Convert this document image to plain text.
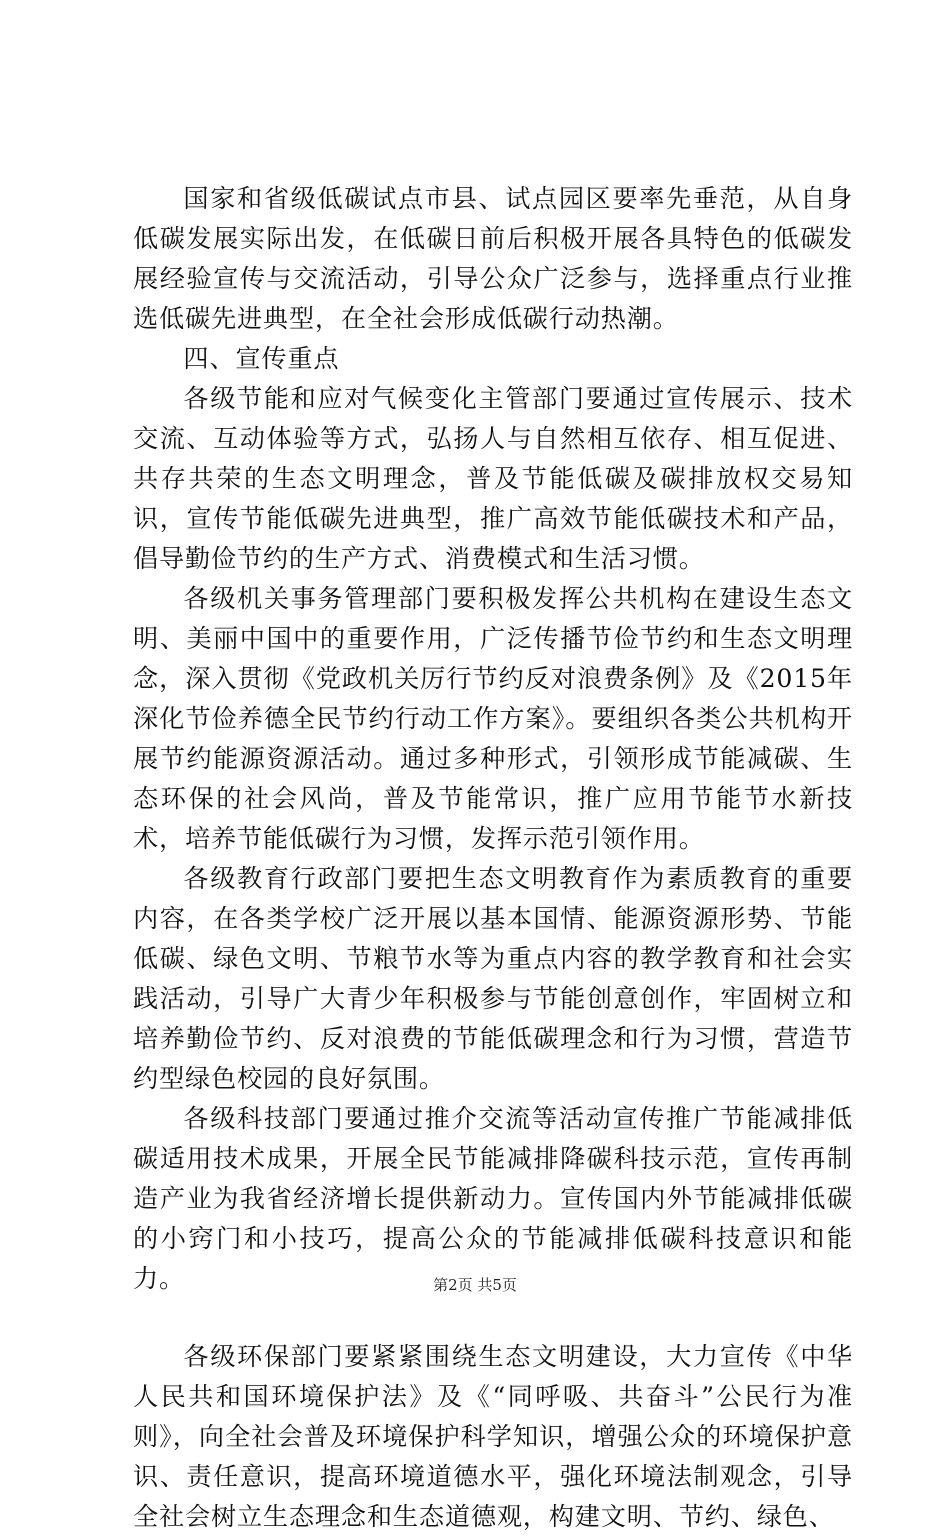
国家和省级低碳试点市县、试点园区要率先垂范，从自身低碳发展实际出发，在低碳日前后积极开展各具特色的低碳发展经验宣传与交流活动，引导公众广泛参与，选择重点行业推选低碳先进典型，在全社会形成低碳行动热潮。

四、宣传重点

各级节能和应对气候变化主管部门要通过宣传展示、技术交流、互动体验等方式，弘扬人与自然相互依存、相互促进、共存共荣的生态文明理念，普及节能低碳及碳排放权交易知识，宣传节能低碳先进典型，推广高效节能低碳技术和产品，倡导勤俭节约的生产方式、消费模式和生活习惯。

各级机关事务管理部门要积极发挥公共机构在建设生态文明、美丽中国中的重要作用，广泛传播节俭节约和生态文明理念，深入贯彻《党政机关厉行节约反对浪费条例》及《2015年深化节俭养德全民节约行动工作方案》。要组织各类公共机构开展节约能源资源活动。通过多种形式，引领形成节能减碳、生态环保的社会风尚，普及节能常识，推广应用节能节水新技术，培养节能低碳行为习惯，发挥示范引领作用。

各级教育行政部门要把生态文明教育作为素质教育的重要内容，在各类学校广泛开展以基本国情、能源资源形势、节能低碳、绿色文明、节粮节水等为重点内容的教学教育和社会实践活动，引导广大青少年积极参与节能创意创作，牢固树立和培养勤俭节约、反对浪费的节能低碳理念和行为习惯，营造节约型绿色校园的良好氛围。

各级科技部门要通过推介交流等活动宣传推广节能减排低碳适用技术成果，开展全民节能减排降碳科技示范，宣传再制造产业为我省经济增长提供新动力。宣传国内外节能减排低碳的小窍门和小技巧，提高公众的节能减排低碳科技意识和能力。

各级环保部门要紧紧围绕生态文明建设，大力宣传《中华人民共和国环境保护法》及《“同呼吸、共奋斗”公民行为准则》，向全社会普及环境保护科学知识，增强公众的环境保护意识、责任意识，提高环境道德水平，强化环境法制观念，引导全社会树立生态理念和生态道德观，构建文明、节约、绿色、

第2页 共5页
